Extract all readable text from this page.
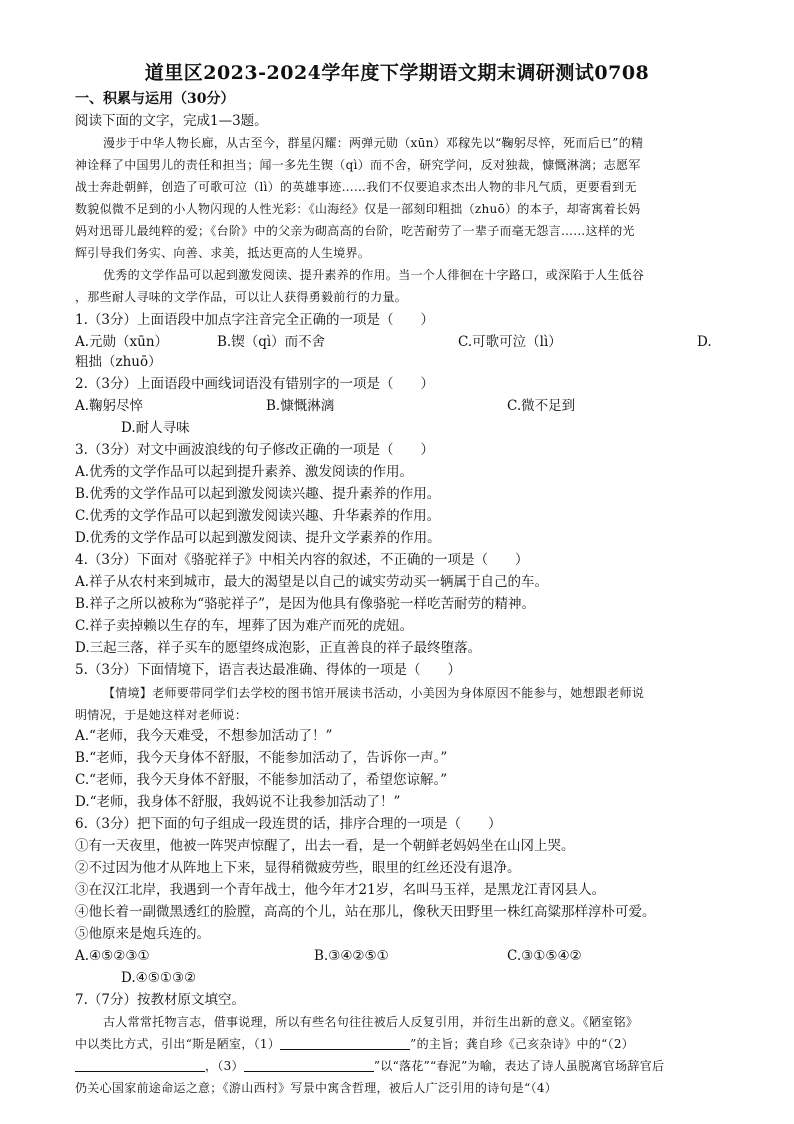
道里区2023-2024学年度下学期语文期末调研测试0708
一、积累与运用（30分）
阅读下面的文字，完成1—3题。
漫步于中华人物长廊，从古至今，群星闪耀：两弹元勋（xūn）邓稼先以“鞠躬尽悴，死而后已”的精
神诠释了中国男儿的责任和担当；闻一多先生锲（qì）而不舍，研究学问，反对独裁，慷慨淋漓；志愿军
战士奔赴朝鲜，创造了可歌可泣（lì）的英雄事迹……我们不仅要追求杰出人物的非凡气质，更要看到无
数貌似微不足到的小人物闪现的人性光彩：《山海经》仅是一部刻印粗拙（zhuō）的本子，却寄寓着长妈
妈对迅哥儿最纯粹的爱；《台阶》中的父亲为砌高高的台阶，吃苦耐劳了一辈子而毫无怨言……这样的光
辉引导我们务实、向善、求美，抵达更高的人生境界。
优秀的文学作品可以起到激发阅读、提升素养的作用。当一个人徘徊在十字路口，或深陷于人生低谷
，那些耐人寻味的文学作品，可以让人获得勇毅前行的力量。
1.（3分）上面语段中加点字注音完全正确的一项是（　　）
A.元勋（xūn）	B.锲（qì）而不舍	C.可歌可泣（lì）	D.
粗拙（zhuō）
2.（3分）上面语段中画线词语没有错别字的一项是（　　）
A.鞠躬尽悴	B.慷慨淋漓	C.微不足到
D.耐人寻味
3.（3分）对文中画波浪线的句子修改正确的一项是（　　）
A.优秀的文学作品可以起到提升素养、激发阅读的作用。
B.优秀的文学作品可以起到激发阅读兴趣、提升素养的作用。
C.优秀的文学作品可以起到激发阅读兴趣、升华素养的作用。
D.优秀的文学作品可以起到激发阅读、提升文学素养的作用。
4.（3分）下面对《骆驼祥子》中相关内容的叙述，不正确的一项是（　　）
A.祥子从农村来到城市，最大的渴望是以自己的诚实劳动买一辆属于自己的车。
B.祥子之所以被称为“骆驼祥子”，是因为他具有像骆驼一样吃苦耐劳的精神。
C.祥子卖掉赖以生存的车，埋葬了因为难产而死的虎妞。
D.三起三落，祥子买车的愿望终成泡影，正直善良的祥子最终堕落。
5.（3分）下面情境下，语言表达最准确、得体的一项是（　　）
【情境】老师要带同学们去学校的图书馆开展读书活动，小美因为身体原因不能参与，她想跟老师说
明情况，于是她这样对老师说：
A.“老师，我今天难受，不想参加活动了！”
B.“老师，我今天身体不舒服，不能参加活动了，告诉你一声。”
C.“老师，我今天身体不舒服，不能参加活动了，希望您谅解。”
D.“老师，我身体不舒服，我妈说不让我参加活动了！”
6.（3分）把下面的句子组成一段连贯的话，排序合理的一项是（　　）
①有一天夜里，他被一阵哭声惊醒了，出去一看，是一个朝鲜老妈妈坐在山冈上哭。
②不过因为他才从阵地上下来，显得稍微疲劳些，眼里的红丝还没有退净。
③在汉江北岸，我遇到一个青年战士，他今年才21岁，名叫马玉祥，是黑龙江青冈县人。
④他长着一副微黑透红的脸膛，高高的个儿，站在那儿，像秋天田野里一株红高粱那样淳朴可爱。
⑤他原来是炮兵连的。
A.④⑤②③①	B.③④②⑤①	C.③①⑤④②
D.④⑤①③②
7.（7分）按教材原文填空。
古人常常托物言志，借事说理，所以有些名句往往被后人反复引用，并衍生出新的意义。《陋室铭》
中以类比方式，引出“斯是陋室，（1）	”的主旨；龚自珍《己亥杂诗》中的“（2）
，（3）	”以“落花”“春泥”为喻，表达了诗人虽脱离官场辞官后
仍关心国家前途命运之意；《游山西村》写景中寓含哲理，被后人广泛引用的诗句是“（4）
